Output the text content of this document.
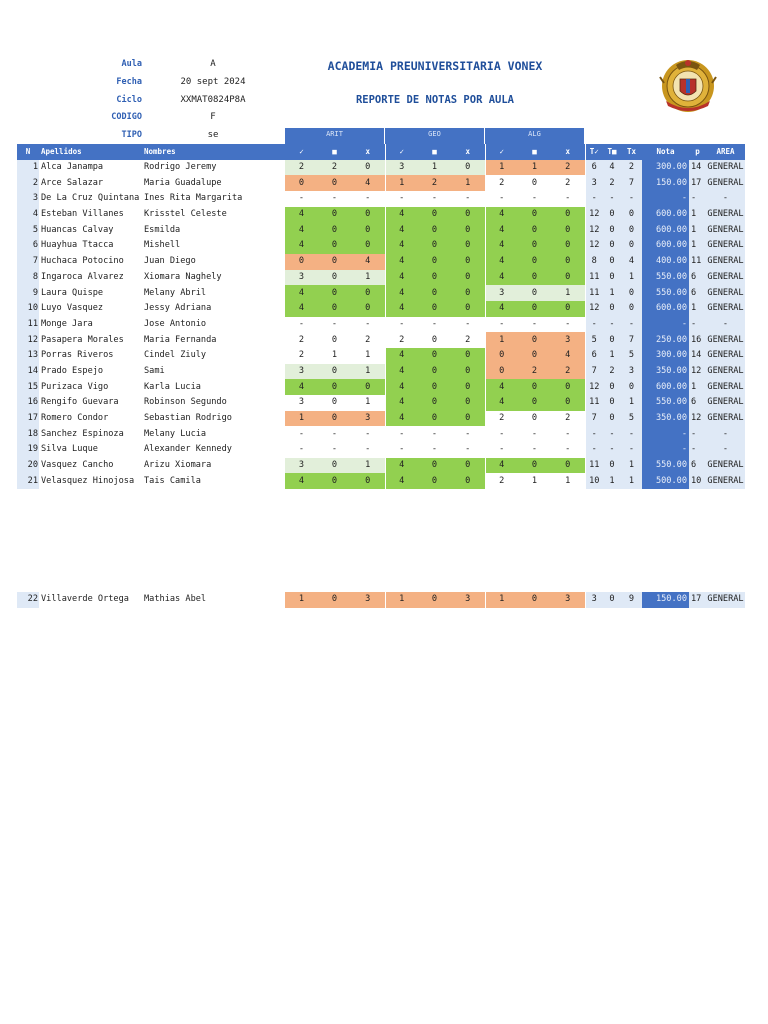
Aula	A
Fecha	20 sept 2024
Ciclo	XXMAT0824P8A
CODIGO	F
TIPO	se
ACADEMIA PREUNIVERSITARIA VONEX
REPORTE DE NOTAS POR AULA
ARIT	GEO	ALG
N	Apellidos	Nombres	✓	■	x	✓	■	x	✓	■	x	T✓	T■	Tx	Nota	p	AREA
1	Alca Janampa	Rodrigo Jeremy	2	2	0	3	1	0	1	1	2	6	4	2	300.00	14	GENERAL
2	Arce Salazar	Maria Guadalupe	0	0	4	1	2	1	2	0	2	3	2	7	150.00	17	GENERAL
3	De La Cruz Quintana	Ines Rita Margarita	-	-	-	-	-	-	-	-	-	-	-	-	-	-	-
4	Esteban Villanes	Krisstel Celeste	4	0	0	4	0	0	4	0	0	12	0	0	600.00	1	GENERAL
5	Huancas Calvay	Esmilda	4	0	0	4	0	0	4	0	0	12	0	0	600.00	1	GENERAL
6	Huayhua Ttacca	Mishell	4	0	0	4	0	0	4	0	0	12	0	0	600.00	1	GENERAL
7	Huchaca Potocino	Juan Diego	0	0	4	4	0	0	4	0	0	8	0	4	400.00	11	GENERAL
8	Ingaroca Alvarez	Xiomara Naghely	3	0	1	4	0	0	4	0	0	11	0	1	550.00	6	GENERAL
9	Laura Quispe	Melany Abril	4	0	0	4	0	0	3	0	1	11	1	0	550.00	6	GENERAL
10	Luyo Vasquez	Jessy Adriana	4	0	0	4	0	0	4	0	0	12	0	0	600.00	1	GENERAL
11	Monge Jara	Jose Antonio	-	-	-	-	-	-	-	-	-	-	-	-	-	-	-
12	Pasapera Morales	Maria Fernanda	2	0	2	2	0	2	1	0	3	5	0	7	250.00	16	GENERAL
13	Porras Riveros	Cindel Ziuly	2	1	1	4	0	0	0	0	4	6	1	5	300.00	14	GENERAL
14	Prado Espejo	Sami	3	0	1	4	0	0	0	2	2	7	2	3	350.00	12	GENERAL
15	Purizaca Vigo	Karla Lucia	4	0	0	4	0	0	4	0	0	12	0	0	600.00	1	GENERAL
16	Rengifo Guevara	Robinson Segundo	3	0	1	4	0	0	4	0	0	11	0	1	550.00	6	GENERAL
17	Romero Condor	Sebastian Rodrigo	1	0	3	4	0	0	2	0	2	7	0	5	350.00	12	GENERAL
18	Sanchez Espinoza	Melany Lucia	-	-	-	-	-	-	-	-	-	-	-	-	-	-	-
19	Silva Luque	Alexander Kennedy	-	-	-	-	-	-	-	-	-	-	-	-	-	-	-
20	Vasquez Cancho	Arizu Xiomara	3	0	1	4	0	0	4	0	0	11	0	1	550.00	6	GENERAL
21	Velasquez Hinojosa	Tais Camila	4	0	0	4	0	0	2	1	1	10	1	1	500.00	10	GENERAL
22	Villaverde Ortega	Mathias Abel	1	0	3	1	0	3	1	0	3	3	0	9	150.00	17	GENERAL
